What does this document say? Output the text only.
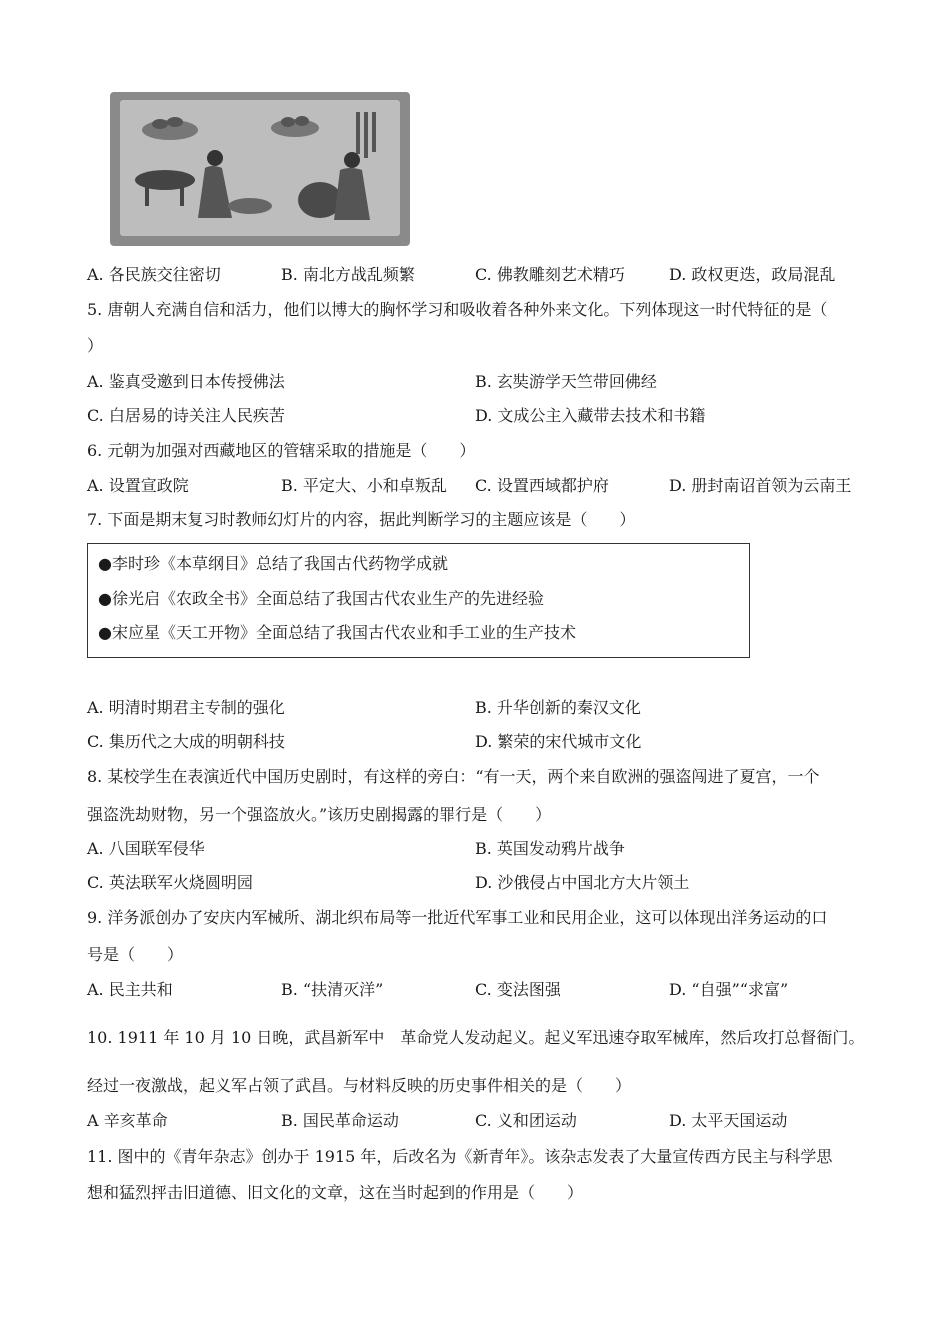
A. 各民族交往密切	B. 南北方战乱频繁	C. 佛教雕刻艺术精巧	D. 政权更迭，政局混乱
5. 唐朝人充满自信和活力，他们以博大的胸怀学习和吸收着各种外来文化。下列体现这一时代特征的是（
）
A. 鉴真受邀到日本传授佛法	B. 玄奘游学天竺带回佛经
C. 白居易的诗关注人民疾苦	D. 文成公主入藏带去技术和书籍
6. 元朝为加强对西藏地区的管辖采取的措施是（　　）
A. 设置宣政院	B. 平定大、小和卓叛乱 C. 设置西域都护府	D. 册封南诏首领为云南王
7. 下面是期末复习时教师幻灯片的内容，据此判断学习的主题应该是（　　）
●李时珍《本草纲目》总结了我国古代药物学成就
●徐光启《农政全书》全面总结了我国古代农业生产的先进经验
●宋应星《天工开物》全面总结了我国古代农业和手工业的生产技术
A. 明清时期君主专制的强化	B. 升华创新的秦汉文化
C. 集历代之大成的明朝科技	D. 繁荣的宋代城市文化
8. 某校学生在表演近代中国历史剧时，有这样的旁白：“有一天，两个来自欧洲的强盗闯进了夏宫，一个
强盗洗劫财物，另一个强盗放火。”该历史剧揭露的罪行是（　　）
A. 八国联军侵华	B. 英国发动鸦片战争
C. 英法联军火烧圆明园	D. 沙俄侵占中国北方大片领土
9. 洋务派创办了安庆内军械所、湖北织布局等一批近代军事工业和民用企业，这可以体现出洋务运动的口
号是（　　）
A. 民主共和	B. “扶清灭洋”	C. 变法图强	D. “自强”“求富”
10. 1911 年 10 月 10 日晚，武昌新军中　革命党人发动起义。起义军迅速夺取军械库，然后攻打总督衙门。
经过一夜激战，起义军占领了武昌。与材料反映的历史事件相关的是（　　）
A 辛亥革命	B. 国民革命运动	C. 义和团运动	D. 太平天国运动
11. 图中的《青年杂志》创办于 1915 年，后改名为《新青年》。该杂志发表了大量宣传西方民主与科学思
想和猛烈抨击旧道德、旧文化的文章，这在当时起到的作用是（　　）
